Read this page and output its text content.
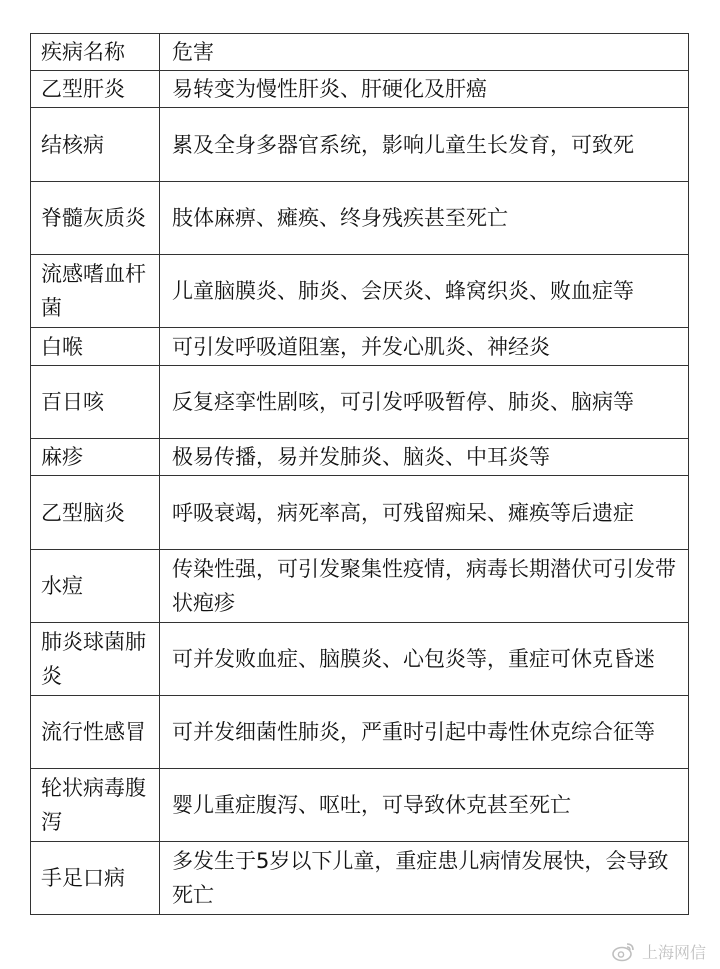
疾病名称	危害
乙型肝炎	易转变为慢性肝炎、肝硬化及肝癌
结核病	累及全身多器官系统，影响儿童生长发育，可致死
脊髓灰质炎	肢体麻痹、瘫痪、终身残疾甚至死亡
流感嗜血杆菌	儿童脑膜炎、肺炎、会厌炎、蜂窝织炎、败血症等
白喉	可引发呼吸道阻塞，并发心肌炎、神经炎
百日咳	反复痉挛性剧咳，可引发呼吸暂停、肺炎、脑病等
麻疹	极易传播，易并发肺炎、脑炎、中耳炎等
乙型脑炎	呼吸衰竭，病死率高，可残留痴呆、瘫痪等后遗症
水痘	传染性强，可引发聚集性疫情，病毒长期潜伏可引发带状疱疹
肺炎球菌肺炎	可并发败血症、脑膜炎、心包炎等，重症可休克昏迷
流行性感冒	可并发细菌性肺炎，严重时引起中毒性休克综合征等
轮状病毒腹泻	婴儿重症腹泻、呕吐，可导致休克甚至死亡
手足口病	多发生于5岁以下儿童，重症患儿病情发展快，会导致死亡
上海网信
